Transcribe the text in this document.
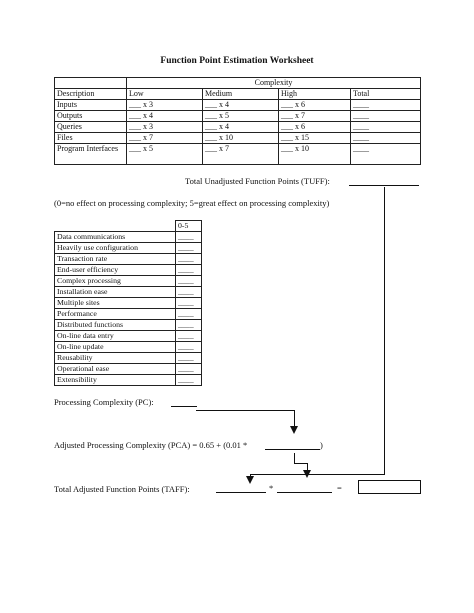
Function Point Estimation Worksheet
	Complexity			
Description	Low	Medium	High	Total
Inputs	___ x 3	___ x 4	___ x 6	____
Outputs	___ x 4	___ x 5	___ x 7	____
Queries	___ x 3	___ x 4	___ x 6	____
Files	___ x 7	___ x 10	___ x 15	____
Program Interfaces	___ x 5	___ x 7	___ x 10	____
Total Unadjusted Function Points (TUFF):
(0=no effect on processing complexity; 5=great effect on processing complexity)
	0-5
Data communications	____
Heavily use configuration	____
Transaction rate	____
End-user efficiency	____
Complex processing	____
Installation ease	____
Multiple sites	____
Performance	____
Distributed functions	____
On-line data entry	____
On-line update	____
Reusability	____
Operational ease	____
Extensibility	____
Processing Complexity (PC):
Adjusted Processing Complexity (PCA) = 0.65 + (0.01 *	)
Total Adjusted Function Points (TAFF):	*	=
